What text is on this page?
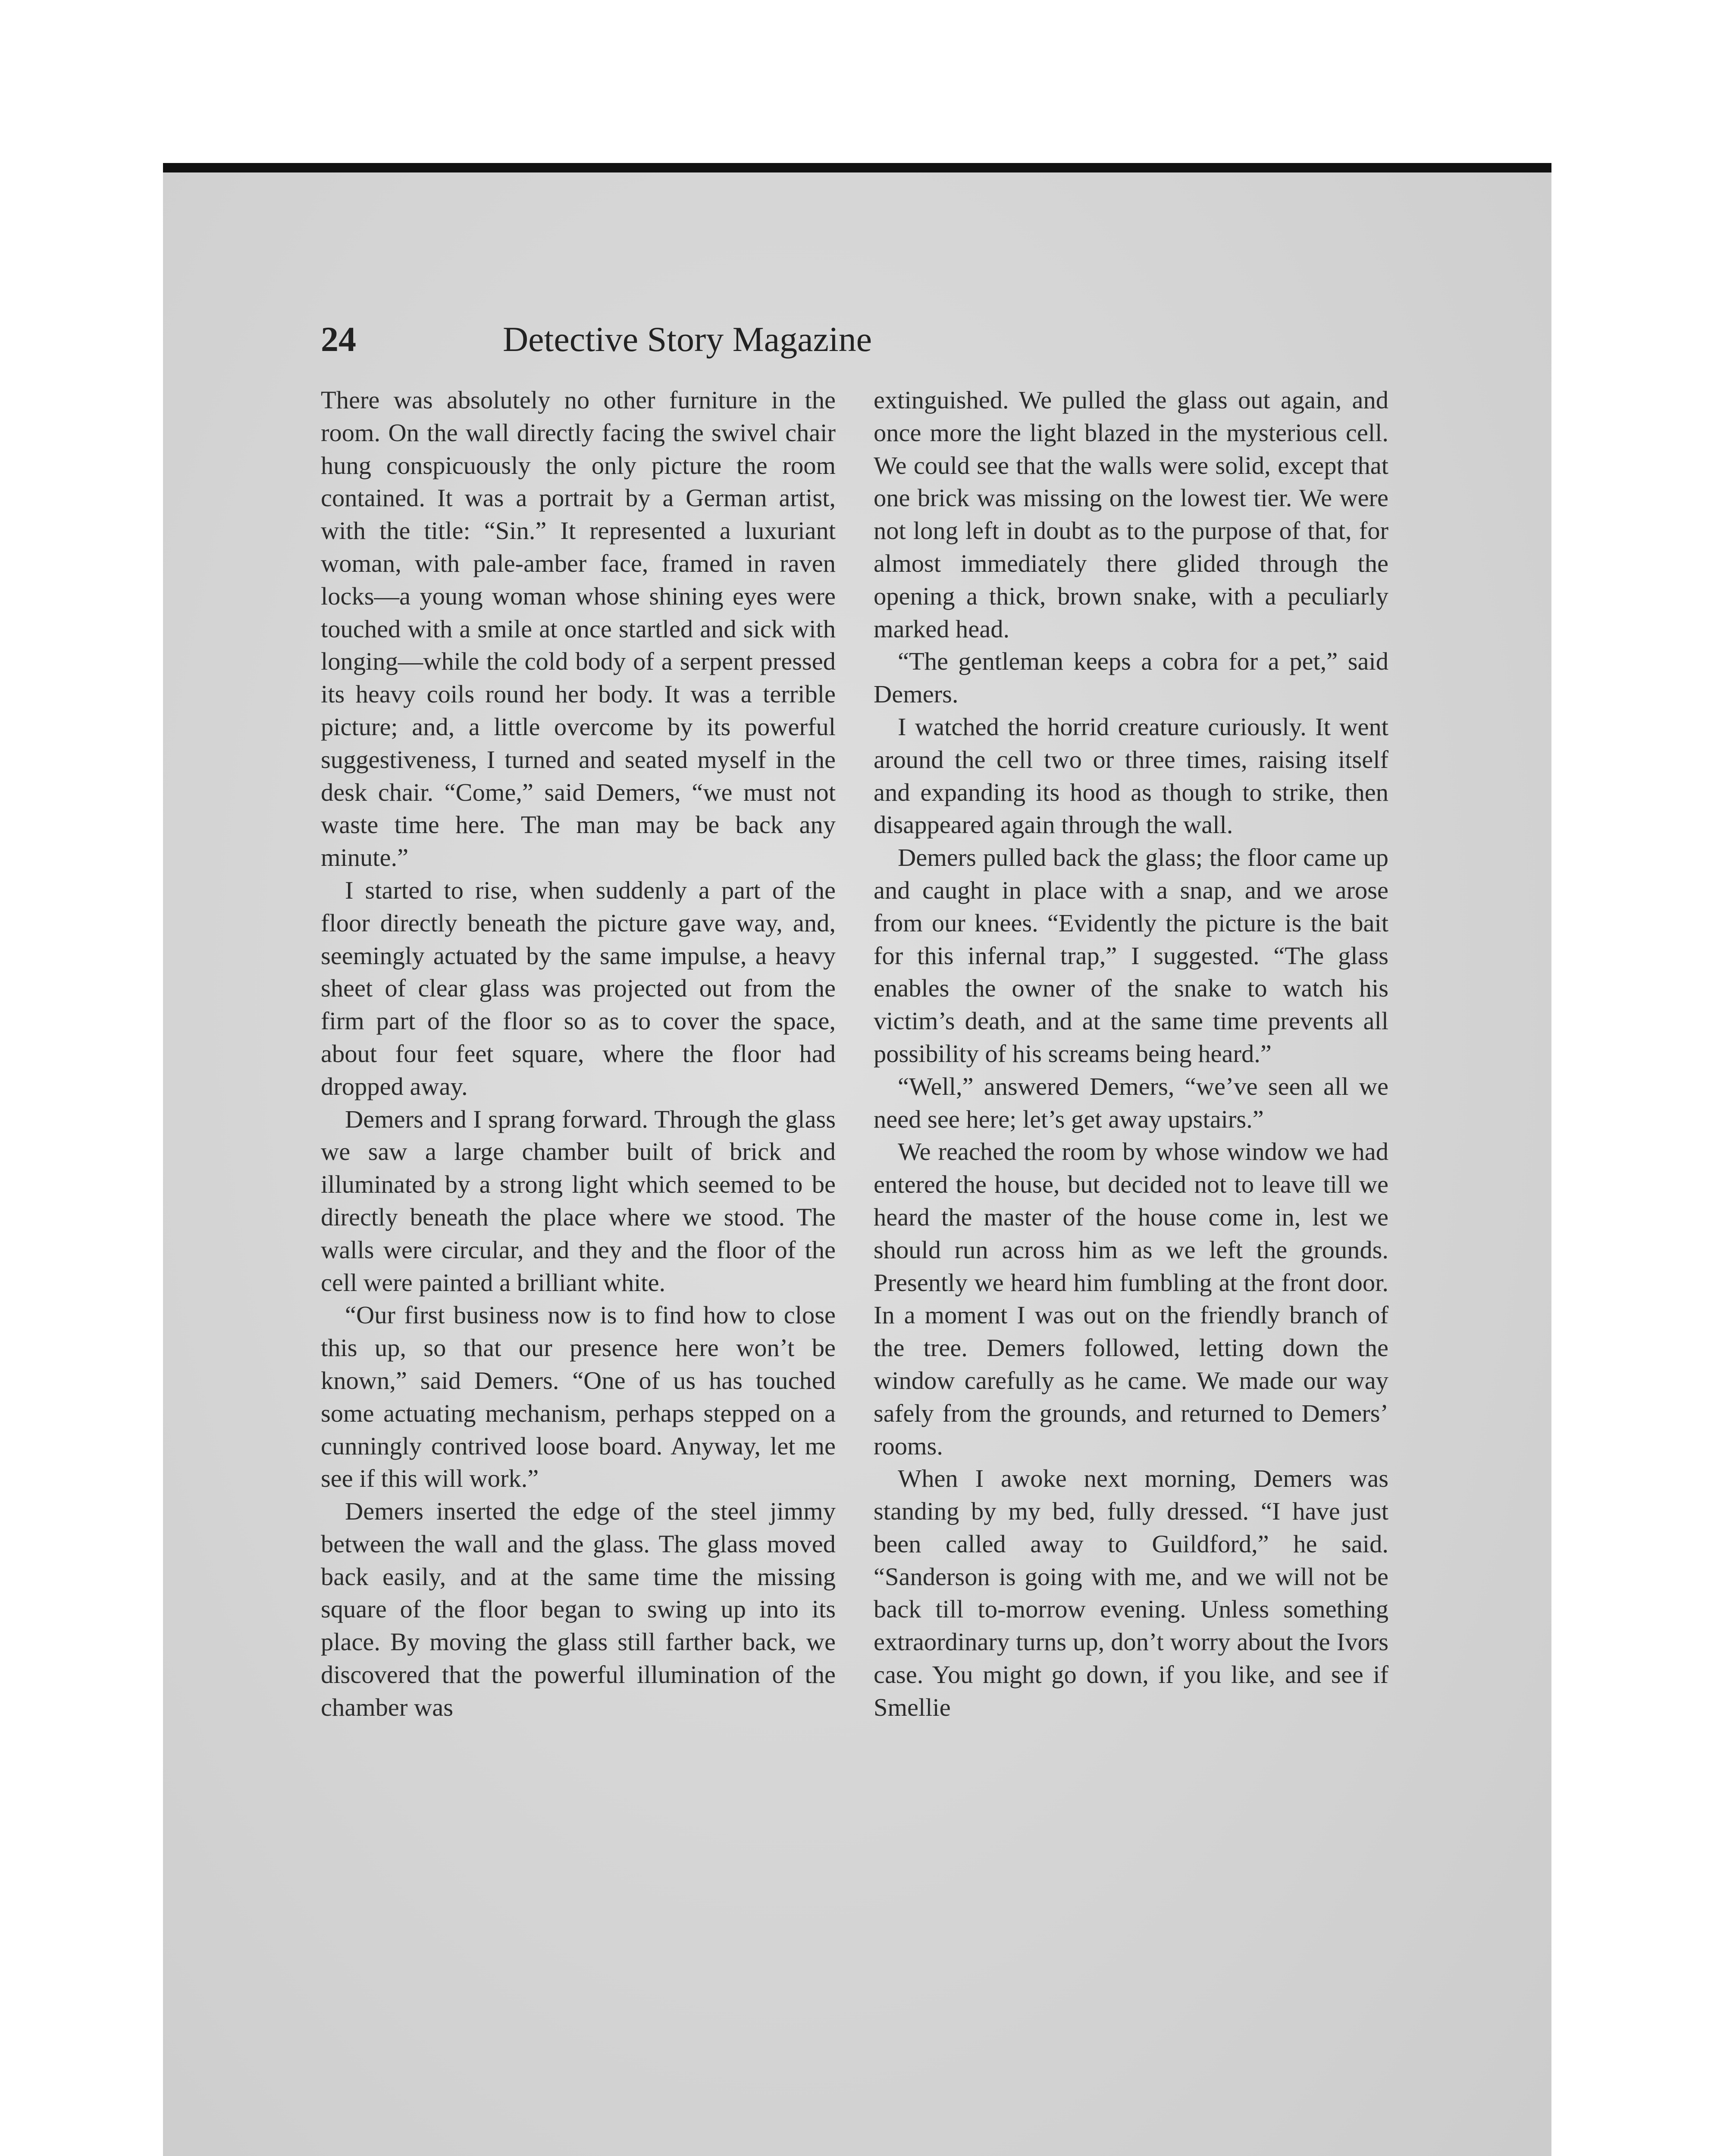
24	Detective Story Magazine

There was absolutely no other furniture in the room. On the wall directly facing the swivel chair hung conspicuously the only picture the room contained. It was a portrait by a German artist, with the title: “Sin.” It represented a luxuriant woman, with pale-amber face, framed in raven locks—a young woman whose shining eyes were touched with a smile at once startled and sick with longing—while the cold body of a serpent pressed its heavy coils round her body. It was a terrible picture; and, a little overcome by its powerful suggestiveness, I turned and seated myself in the desk chair. “Come,” said Demers, “we must not waste time here. The man may be back any minute.”

I started to rise, when suddenly a part of the floor directly beneath the picture gave way, and, seemingly actuated by the same impulse, a heavy sheet of clear glass was projected out from the firm part of the floor so as to cover the space, about four feet square, where the floor had dropped away.

Demers and I sprang forward. Through the glass we saw a large chamber built of brick and illuminated by a strong light which seemed to be directly beneath the place where we stood. The walls were circular, and they and the floor of the cell were painted a brilliant white.

“Our first business now is to find how to close this up, so that our presence here won’t be known,” said Demers. “One of us has touched some actuating mechanism, perhaps stepped on a cunningly contrived loose board. Anyway, let me see if this will work.”

Demers inserted the edge of the steel jimmy between the wall and the glass. The glass moved back easily, and at the same time the missing square of the floor began to swing up into its place. By moving the glass still farther back, we discovered that the powerful illumination of the chamber was

extinguished. We pulled the glass out again, and once more the light blazed in the mysterious cell. We could see that the walls were solid, except that one brick was missing on the lowest tier. We were not long left in doubt as to the purpose of that, for almost immediately there glided through the opening a thick, brown snake, with a peculiarly marked head.

“The gentleman keeps a cobra for a pet,” said Demers.

I watched the horrid creature curiously. It went around the cell two or three times, raising itself and expanding its hood as though to strike, then disappeared again through the wall.

Demers pulled back the glass; the floor came up and caught in place with a snap, and we arose from our knees. “Evidently the picture is the bait for this infernal trap,” I suggested. “The glass enables the owner of the snake to watch his victim’s death, and at the same time prevents all possibility of his screams being heard.”

“Well,” answered Demers, “we’ve seen all we need see here; let’s get away upstairs.”

We reached the room by whose window we had entered the house, but decided not to leave till we heard the master of the house come in, lest we should run across him as we left the grounds. Presently we heard him fumbling at the front door. In a moment I was out on the friendly branch of the tree. Demers followed, letting down the window carefully as he came. We made our way safely from the grounds, and returned to Demers’ rooms.

When I awoke next morning, Demers was standing by my bed, fully dressed. “I have just been called away to Guildford,” he said. “Sanderson is going with me, and we will not be back till to-morrow evening. Unless something extraordinary turns up, don’t worry about the Ivors case. You might go down, if you like, and see if Smellie
